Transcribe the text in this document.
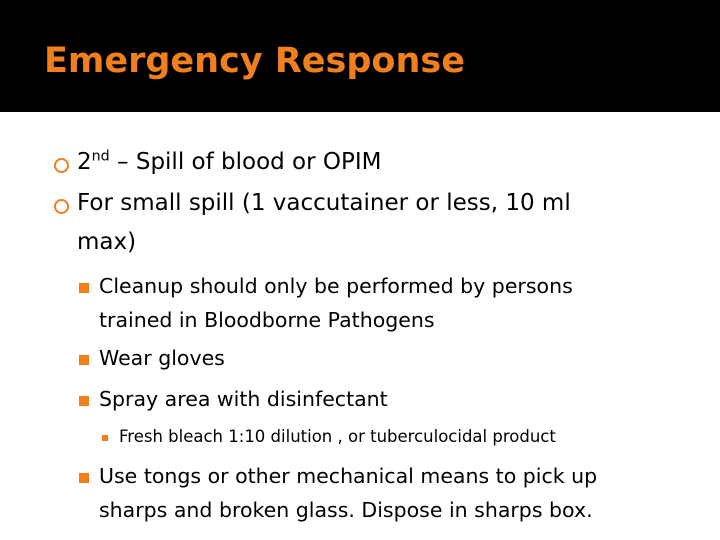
Emergency Response
2nd – Spill of blood or OPIM
For small spill (1 vaccutainer or less, 10 ml
max)
Cleanup should only be performed by persons
trained in Bloodborne Pathogens
Wear gloves
Spray area with disinfectant
Fresh bleach 1:10 dilution , or tuberculocidal product
Use tongs or other mechanical means to pick up
sharps and broken glass. Dispose in sharps box.
